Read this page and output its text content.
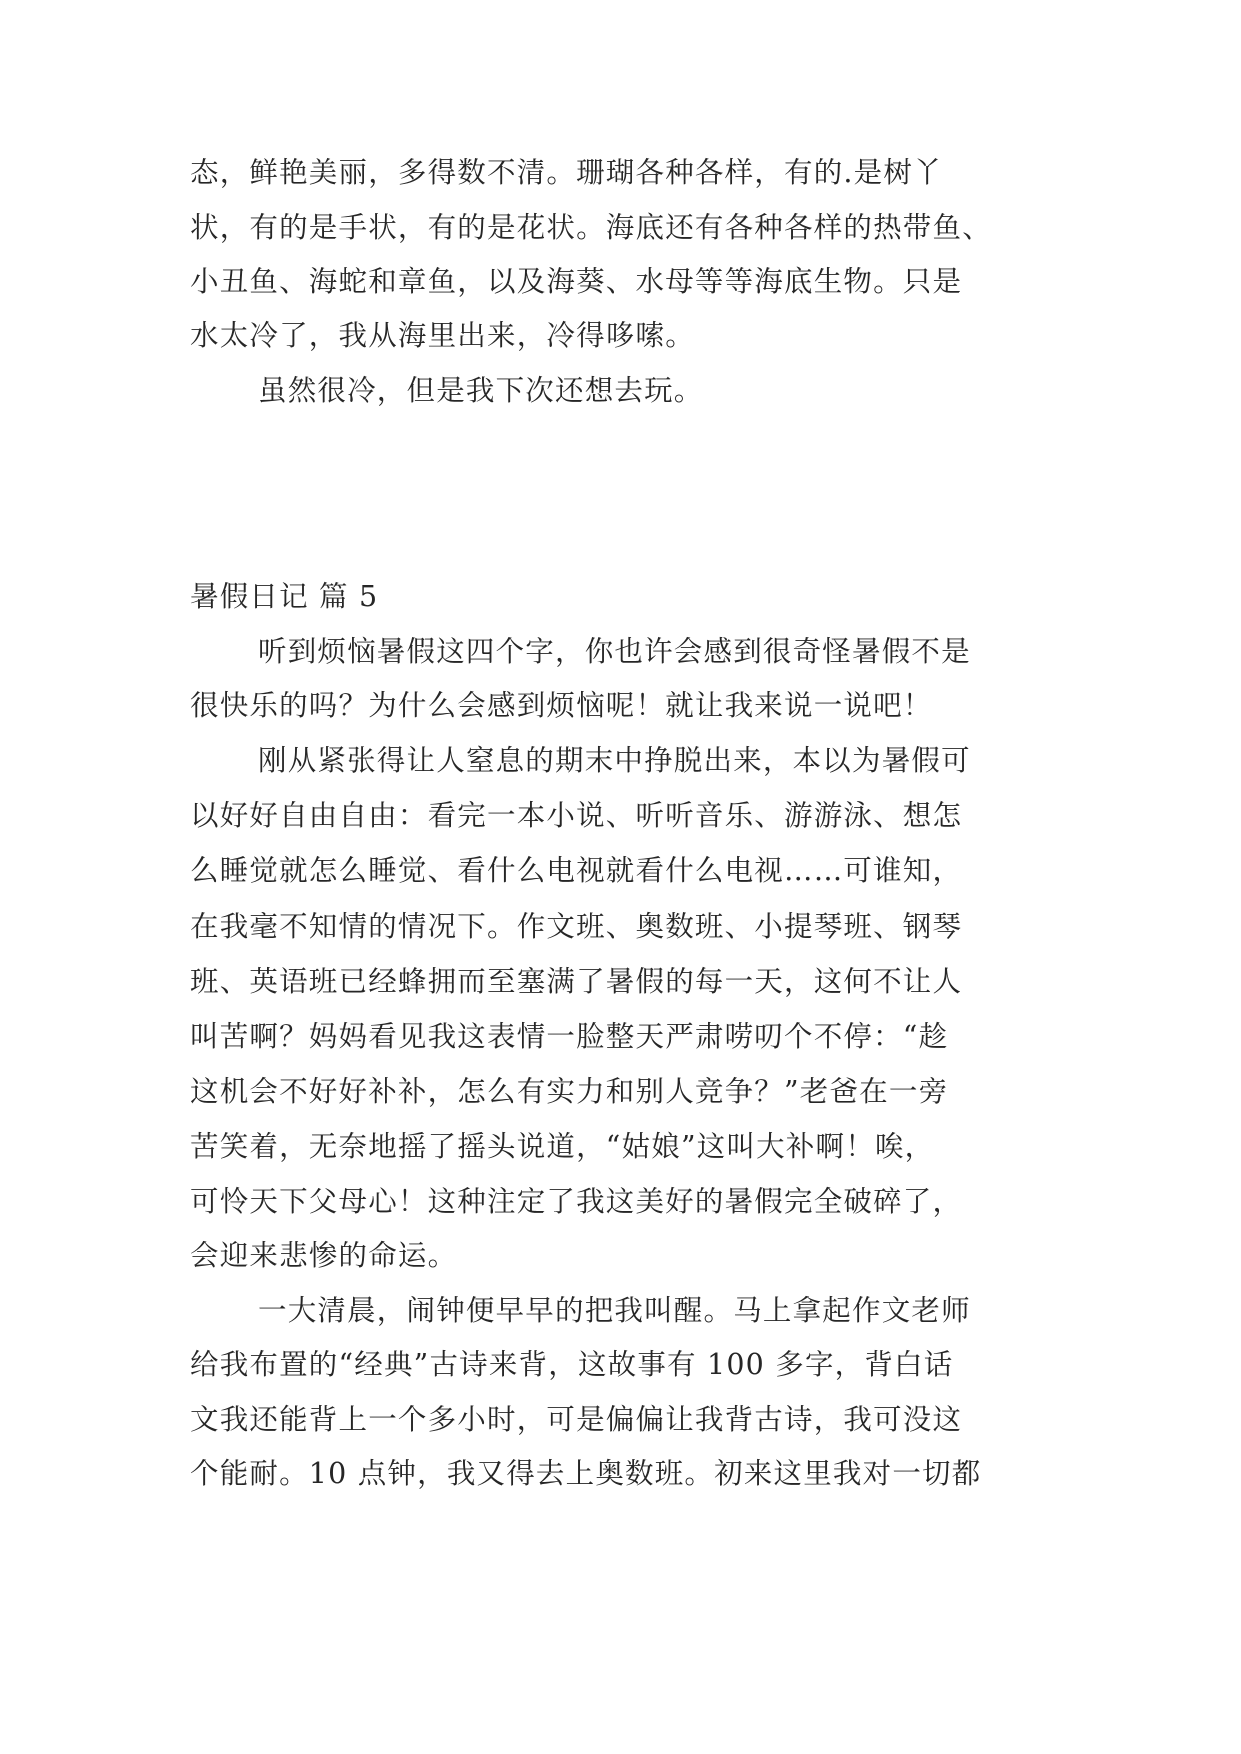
态，鲜艳美丽，多得数不清。珊瑚各种各样，有的.是树丫
状，有的是手状，有的是花状。海底还有各种各样的热带鱼、
小丑鱼、海蛇和章鱼，以及海葵、水母等等海底生物。只是
水太冷了，我从海里出来，冷得哆嗦。
虽然很冷，但是我下次还想去玩。
暑假日记 篇 5
听到烦恼暑假这四个字，你也许会感到很奇怪暑假不是
很快乐的吗？为什么会感到烦恼呢！就让我来说一说吧！
刚从紧张得让人窒息的期末中挣脱出来，本以为暑假可
以好好自由自由：看完一本小说、听听音乐、游游泳、想怎
么睡觉就怎么睡觉、看什么电视就看什么电视……可谁知，
在我毫不知情的情况下。作文班、奥数班、小提琴班、钢琴
班、英语班已经蜂拥而至塞满了暑假的每一天，这何不让人
叫苦啊？妈妈看见我这表情一脸整天严肃唠叨个不停：“趁
这机会不好好补补，怎么有实力和别人竞争？”老爸在一旁
苦笑着，无奈地摇了摇头说道，“姑娘”这叫大补啊！唉，
可怜天下父母心！这种注定了我这美好的暑假完全破碎了，
会迎来悲惨的命运。
一大清晨，闹钟便早早的把我叫醒。马上拿起作文老师
给我布置的“经典”古诗来背，这故事有 100 多字，背白话
文我还能背上一个多小时，可是偏偏让我背古诗，我可没这
个能耐。10 点钟，我又得去上奥数班。初来这里我对一切都
